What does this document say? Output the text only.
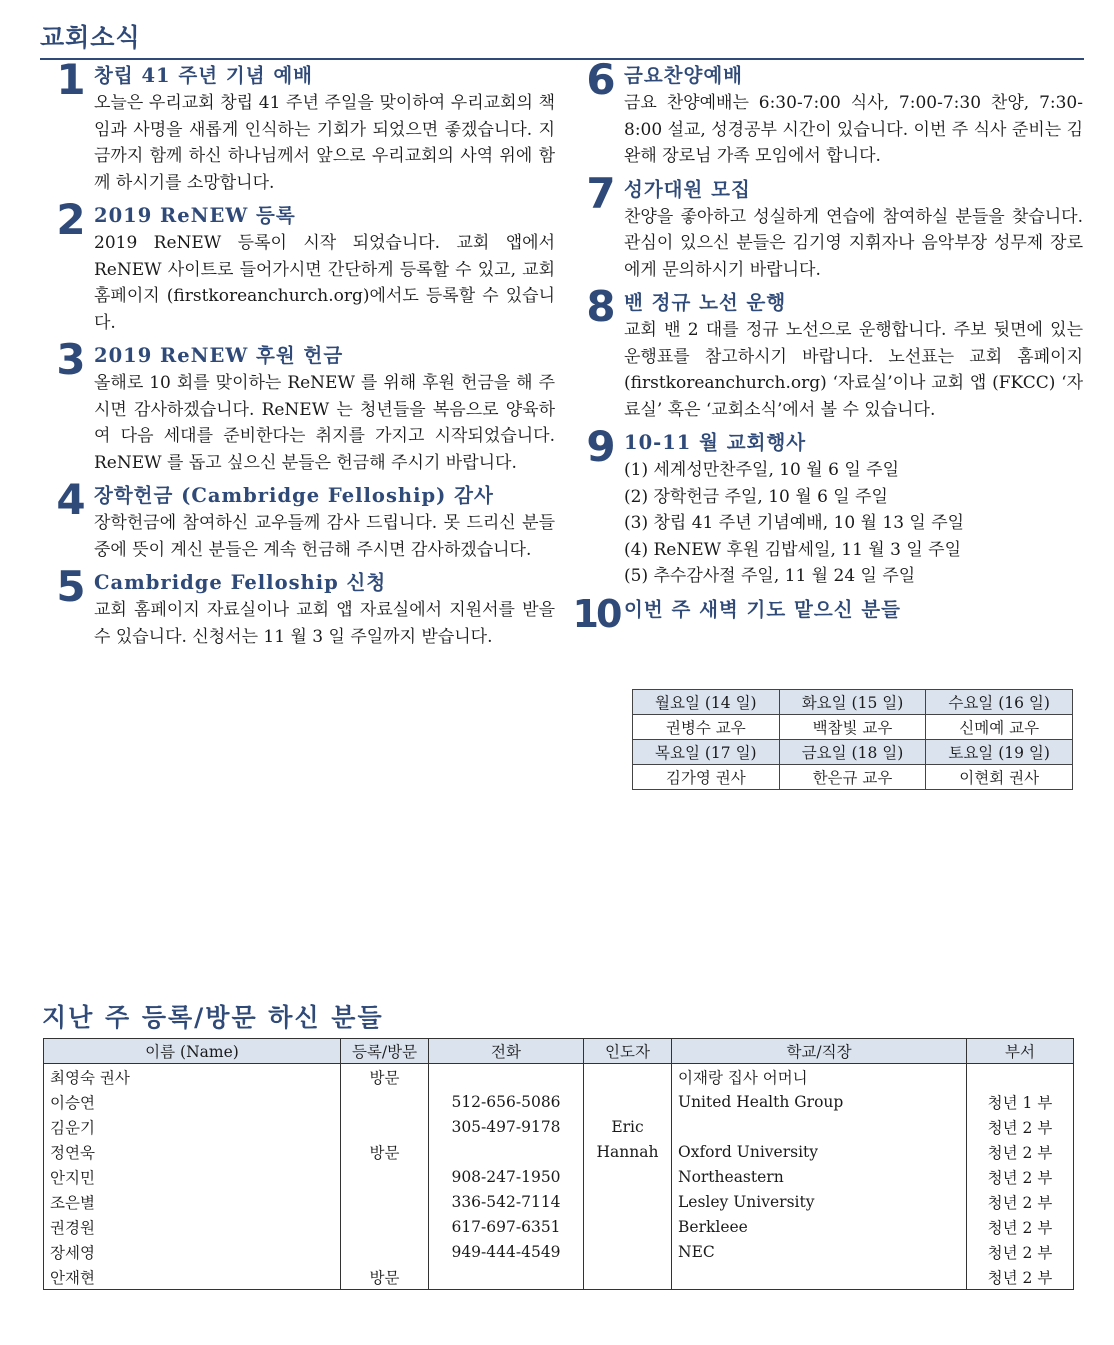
교회소식
1 창립 41 주년 기념 예배

오늘은 우리교회 창립 41 주년 주일을 맞이하여 우리교회의 책임과 사명을 새롭게 인식하는 기회가 되었으면 좋겠습니다. 지금까지 함께 하신 하나님께서 앞으로 우리교회의 사역 위에 함께 하시기를 소망합니다.

2 2019 ReNEW 등록

2019 ReNEW 등록이 시작 되었습니다. 교회 앱에서 ReNEW 사이트로 들어가시면 간단하게 등록할 수 있고, 교회 홈페이지 (firstkoreanchurch.org)에서도 등록할 수 있습니다.

3 2019 ReNEW 후원 헌금

올해로 10 회를 맞이하는 ReNEW 를 위해 후원 헌금을 해 주시면 감사하겠습니다. ReNEW 는 청년들을 복음으로 양육하여 다음 세대를 준비한다는 취지를 가지고 시작되었습니다. ReNEW 를 돕고 싶으신 분들은 헌금해 주시기 바랍니다.

4 장학헌금 (Cambridge Felloship) 감사

장학헌금에 참여하신 교우들께 감사 드립니다. 못 드리신 분들 중에 뜻이 계신 분들은 계속 헌금해 주시면 감사하겠습니다.

5 Cambridge Felloship 신청

교회 홈페이지 자료실이나 교회 앱 자료실에서 지원서를 받을 수 있습니다. 신청서는 11 월 3 일 주일까지 받습니다.

6 금요찬양예배

금요 찬양예배는 6:30-7:00 식사, 7:00-7:30 찬양, 7:30-8:00 설교, 성경공부 시간이 있습니다. 이번 주 식사 준비는 김완해 장로님 가족 모임에서 합니다.

7 성가대원 모집

찬양을 좋아하고 성실하게 연습에 참여하실 분들을 찾습니다. 관심이 있으신 분들은 김기영 지휘자나 음악부장 성무제 장로에게 문의하시기 바랍니다.

8 밴 정규 노선 운행

교회 밴 2 대를 정규 노선으로 운행합니다. 주보 뒷면에 있는 운행표를 참고하시기 바랍니다. 노선표는 교회 홈페이지(firstkoreanchurch.org) ‘자료실’이나 교회 앱 (FKCC) ‘자료실’ 혹은 ‘교회소식’에서 볼 수 있습니다.

9 10-11 월 교회행사

(1) 세계성만찬주일, 10 월 6 일 주일

(2) 장학헌금 주일, 10 월 6 일 주일

(3) 창립 41 주년 기념예배, 10 월 13 일 주일

(4) ReNEW 후원 김밥세일, 11 월 3 일 주일

(5) 추수감사절 주일, 11 월 24 일 주일

10 이번 주 새벽 기도 맡으신 분들
월요일 (14 일)	화요일 (15 일)	수요일 (16 일)
권병수 교우	백참빛 교우	신메예 교우
목요일 (17 일)	금요일 (18 일)	토요일 (19 일)
김가영 권사	한은규 교우	이현회 권사
지난 주 등록/방문 하신 분들
이름 (Name)	등록/방문	전화	인도자	학교/직장	부서
최영숙 권사	방문			이재랑 집사 어머니	
이승연		512-656-5086		United Health Group	청년 1 부
김운기		305-497-9178	Eric		청년 2 부
정연욱	방문		Hannah	Oxford University	청년 2 부
안지민		908-247-1950		Northeastern	청년 2 부
조은별		336-542-7114		Lesley University	청년 2 부
권경원		617-697-6351		Berkleee	청년 2 부
장세영		949-444-4549		NEC	청년 2 부
안재현	방문				청년 2 부
